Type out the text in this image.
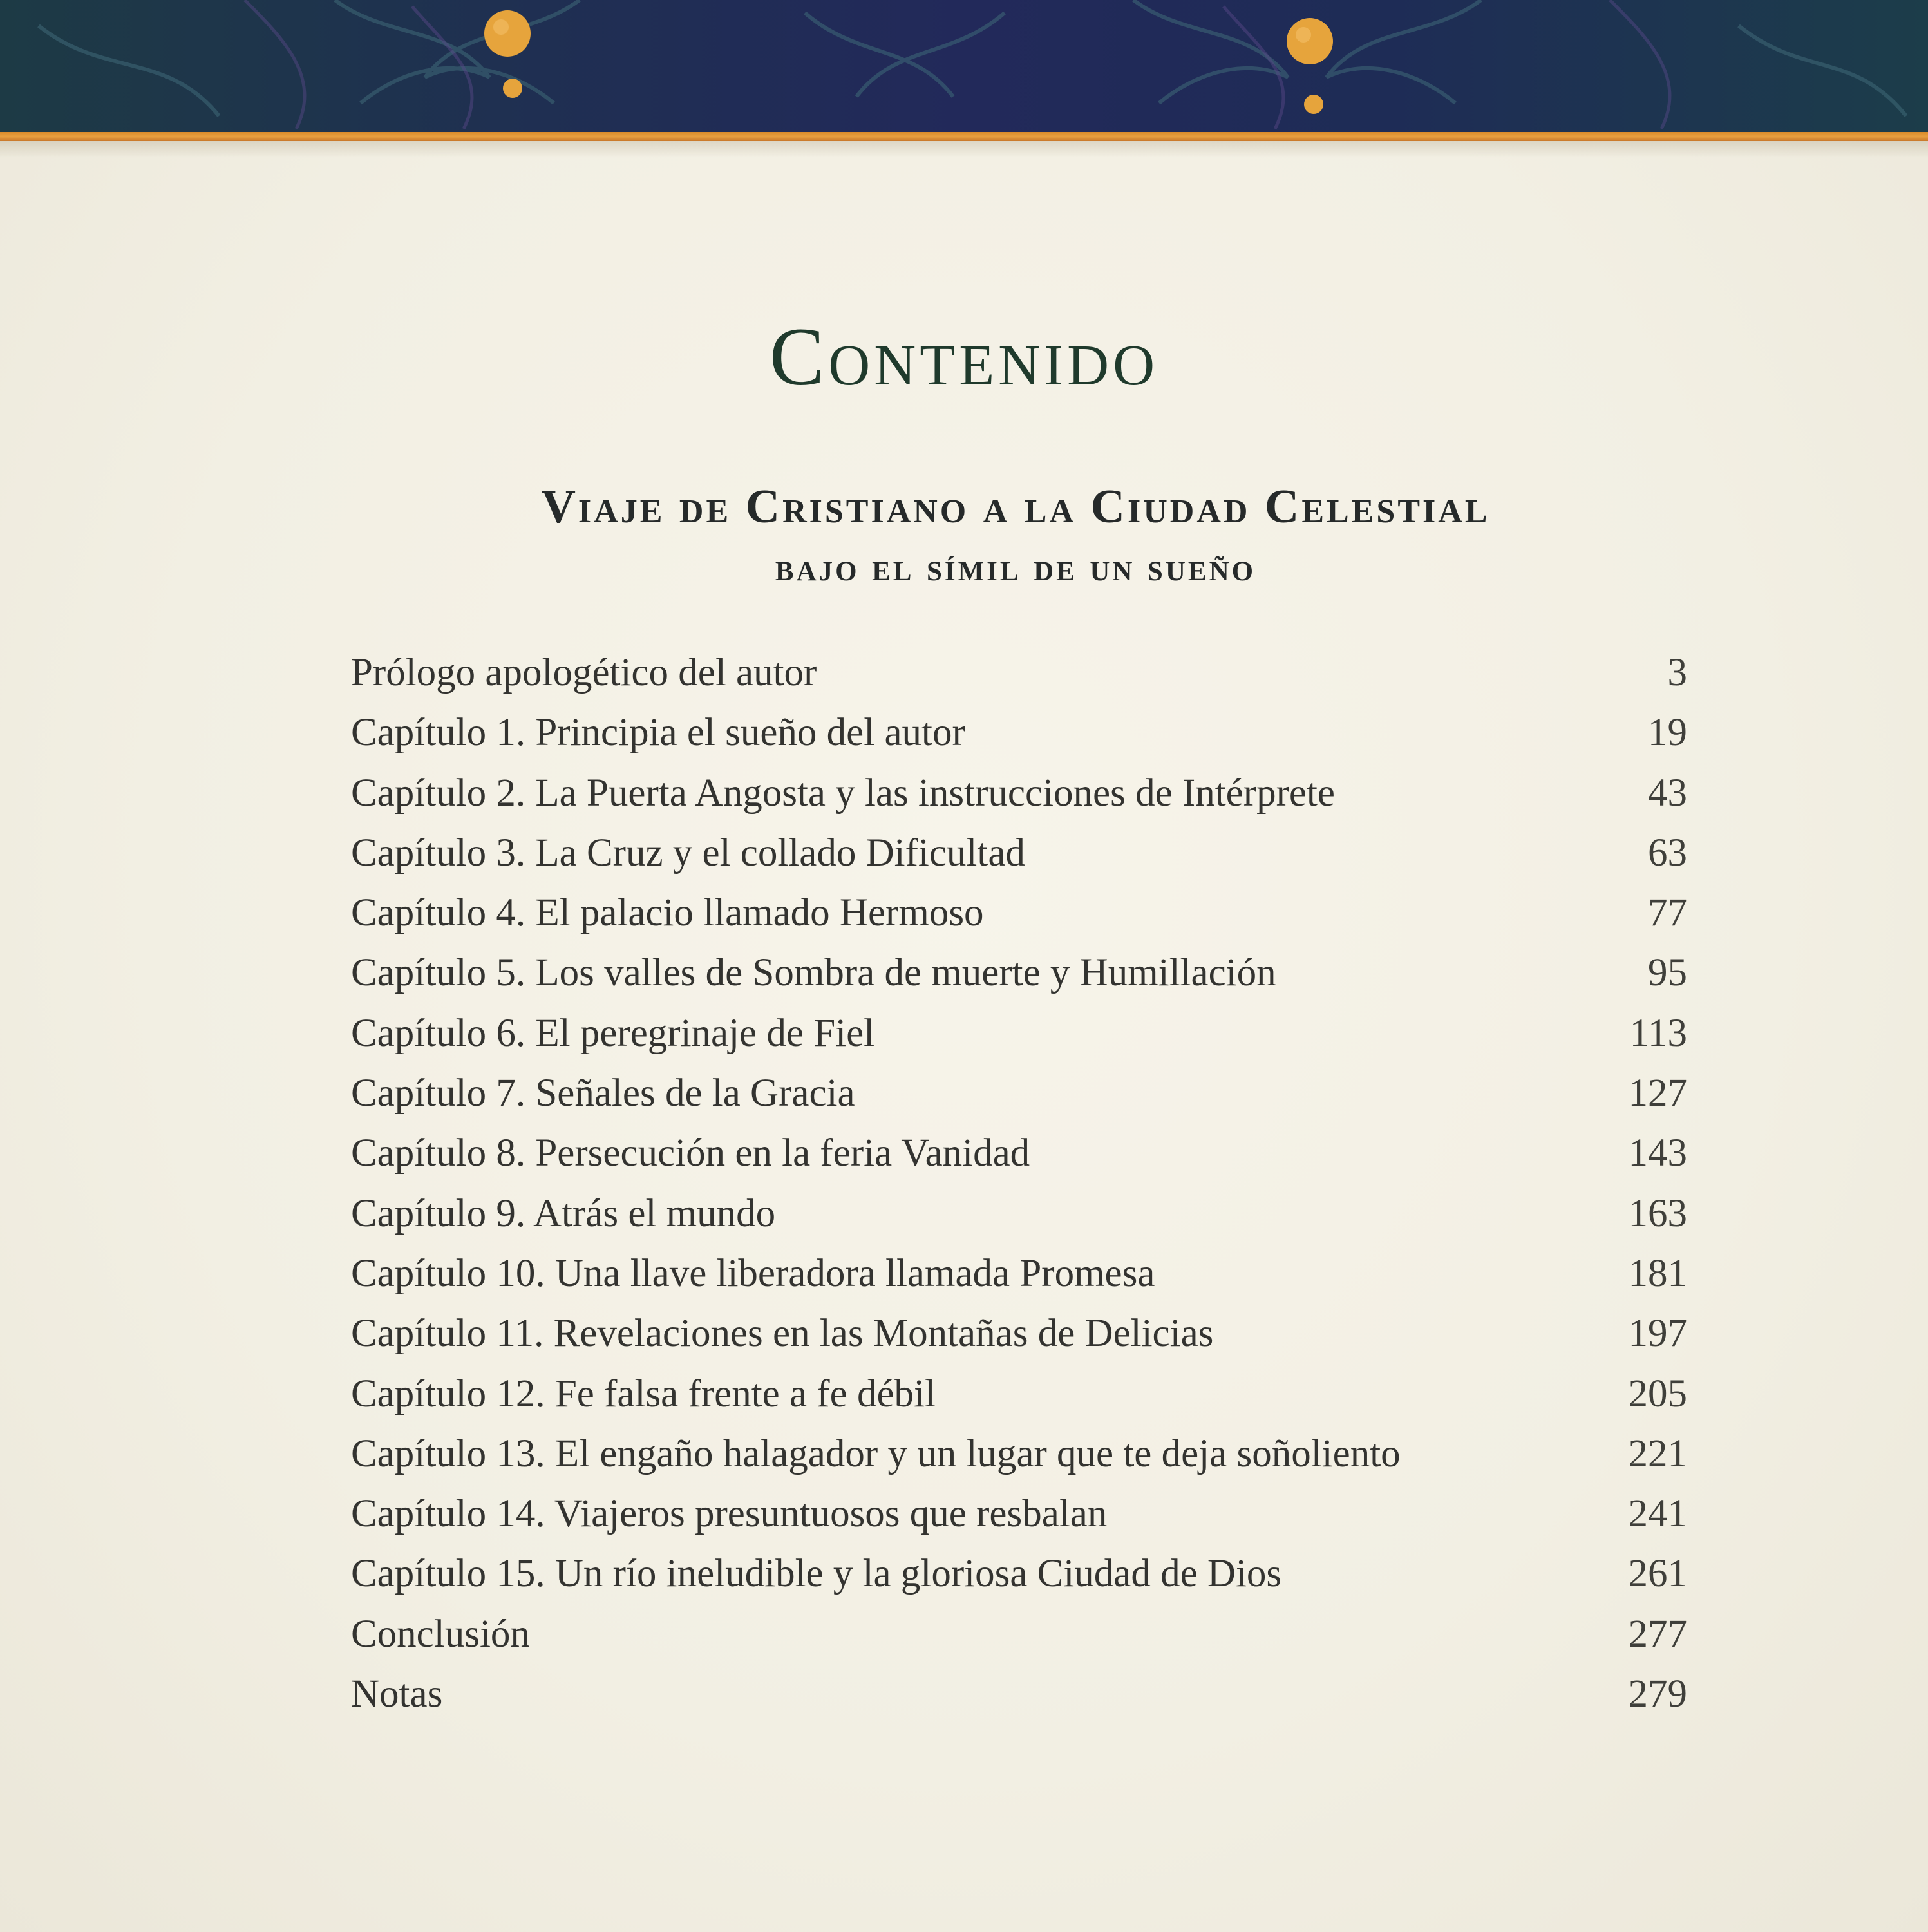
Contenido
Viaje de Cristiano a la Ciudad Celestial
bajo el símil de un sueño
Prólogo apologético del autor	3
Capítulo 1. Principia el sueño del autor	19
Capítulo 2. La Puerta Angosta y las instrucciones de Intérprete	43
Capítulo 3. La Cruz y el collado Dificultad	63
Capítulo 4. El palacio llamado Hermoso	77
Capítulo 5. Los valles de Sombra de muerte y Humillación	95
Capítulo 6. El peregrinaje de Fiel	113
Capítulo 7. Señales de la Gracia	127
Capítulo 8. Persecución en la feria Vanidad	143
Capítulo 9. Atrás el mundo	163
Capítulo 10. Una llave liberadora llamada Promesa	181
Capítulo 11. Revelaciones en las Montañas de Delicias	197
Capítulo 12. Fe falsa frente a fe débil	205
Capítulo 13. El engaño halagador y un lugar que te deja soñoliento	221
Capítulo 14. Viajeros presuntuosos que resbalan	241
Capítulo 15. Un río ineludible y la gloriosa Ciudad de Dios	261
Conclusión	277
Notas	279
